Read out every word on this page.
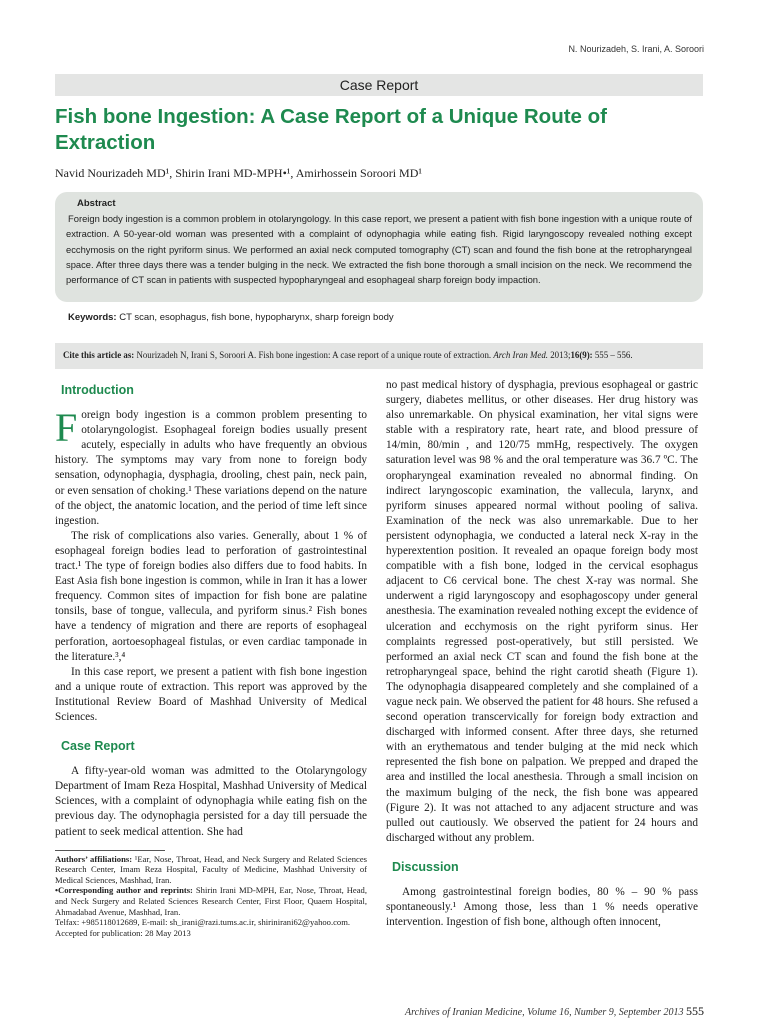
N. Nourizadeh, S. Irani, A. Soroori
Case Report
Fish bone Ingestion: A Case Report of a Unique Route of Extraction
Navid Nourizadeh MD¹, Shirin Irani MD-MPH•¹, Amirhossein Soroori MD¹
Abstract

Foreign body ingestion is a common problem in otolaryngology. In this case report, we present a patient with fish bone ingestion with a unique route of extraction. A 50-year-old woman was presented with a complaint of odynophagia while eating fish. Rigid laryngoscopy revealed nothing except ecchymosis on the right pyriform sinus. We performed an axial neck computed tomography (CT) scan and found the fish bone at the retropharyngeal space. After three days there was a tender bulging in the neck. We extracted the fish bone thorough a small incision on the neck. We recommend the performance of CT scan in patients with suspected hypopharyngeal and esophageal sharp foreign body impaction.

Keywords: CT scan, esophagus, fish bone, hypopharynx, sharp foreign body
Cite this article as: Nourizadeh N, Irani S, Soroori A. Fish bone ingestion: A case report of a unique route of extraction. Arch Iran Med. 2013;16(9): 555 – 556.
Introduction

Foreign body ingestion is a common problem presenting to otolaryngologist. Esophageal foreign bodies usually present acutely, especially in adults who have frequently an obvious history. The symptoms may vary from none to foreign body sensation, odynophagia, dysphagia, drooling, chest pain, neck pain, or even sensation of choking.¹ These variations depend on the nature of the object, the anatomic location, and the period of time left since ingestion.

The risk of complications also varies. Generally, about 1 % of esophageal foreign bodies lead to perforation of gastrointestinal tract.¹ The type of foreign bodies also differs due to food habits. In East Asia fish bone ingestion is common, while in Iran it has a lower frequency. Common sites of impaction for fish bone are palatine tonsils, base of tongue, vallecula, and pyriform sinus.² Fish bones have a tendency of migration and there are reports of esophageal perforation, aortoesophageal fistulas, or even cardiac tamponade in the literature.³,⁴

In this case report, we present a patient with fish bone ingestion and a unique route of extraction. This report was approved by the Institutional Review Board of Mashhad University of Medical Sciences.

Case Report

A fifty-year-old woman was admitted to the Otolaryngology Department of Imam Reza Hospital, Mashhad University of Medical Sciences, with a complaint of odynophagia while eating fish on the previous day. The odynophagia persisted for a day till persuade the patient to seek medical attention. She had

Authors’ affiliations: ¹Ear, Nose, Throat, Head, and Neck Surgery and Related Sciences Research Center, Imam Reza Hospital, Faculty of Medicine, Mashhad University of Medical Sciences, Mashhad, Iran.
•Corresponding author and reprints: Shirin Irani MD-MPH, Ear, Nose, Throat, Head, and Neck Surgery and Related Sciences Research Center, First Floor, Quaem Hospital, Ahmadabad Avenue, Mashhad, Iran.
Telfax: +985118012689, E-mail: sh_irani@razi.tums.ac.ir, shirinirani62@yahoo.com.
Accepted for publication: 28 May 2013

no past medical history of dysphagia, previous esophageal or gastric surgery, diabetes mellitus, or other diseases. Her drug history was also unremarkable. On physical examination, her vital signs were stable with a respiratory rate, heart rate, and blood pressure of 14/min, 80/min , and 120/75 mmHg, respectively. The oxygen saturation level was 98 % and the oral temperature was 36.7 ºC. The oropharyngeal examination revealed no abnormal finding. On indirect laryngoscopic examination, the vallecula, larynx, and pyriform sinuses appeared normal without pooling of saliva. Examination of the neck was also unremarkable. Due to her persistent odynophagia, we conducted a lateral neck X-ray in the hyperextention position. It revealed an opaque foreign body most compatible with a fish bone, lodged in the cervical esophagus adjacent to C6 cervical bone. The chest X-ray was normal. She underwent a rigid laryngoscopy and esophagoscopy under general anesthesia. The examination revealed nothing except the evidence of ulceration and ecchymosis on the right pyriform sinus. Her complaints regressed post-operatively, but still persisted. We performed an axial neck CT scan and found the fish bone at the retropharyngeal space, behind the right carotid sheath (Figure 1). The odynophagia disappeared completely and she complained of a vague neck pain. We observed the patient for 48 hours. She refused a second operation transcervically for foreign body extraction and discharged with informed consent. After three days, she returned with an erythematous and tender bulging at the mid neck which represented the fish bone on palpation. We prepped and draped the area and instilled the local anesthesia. Through a small incision on the maximum bulging of the neck, the fish bone was appeared (Figure 2). It was not attached to any adjacent structure and was pulled out cautiously. We observed the patient for 24 hours and discharged without any problem.

Discussion

Among gastrointestinal foreign bodies, 80 % – 90 % pass spontaneously.¹ Among those, less than 1 % needs operative intervention. Ingestion of fish bone, although often innocent,

Archives of Iranian Medicine, Volume 16, Number 9, September 2013 555
